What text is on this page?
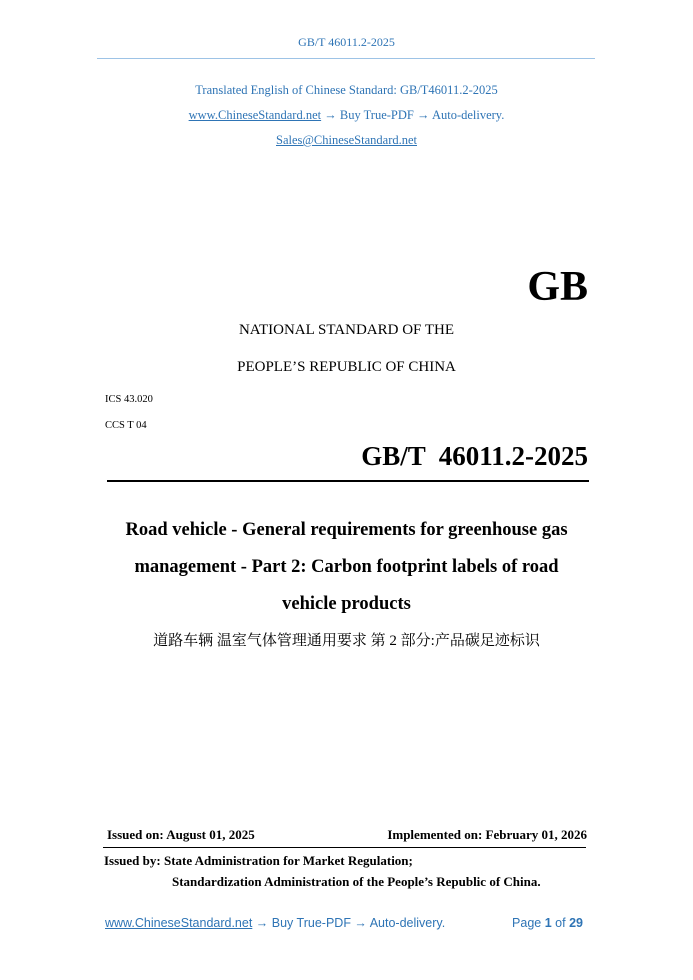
GB/T 46011.2-2025
Translated English of Chinese Standard: GB/T46011.2-2025
www.ChineseStandard.net → Buy True-PDF → Auto-delivery.
Sales@ChineseStandard.net
GB
NATIONAL STANDARD OF THE
PEOPLE’S REPUBLIC OF CHINA
ICS 43.020
CCS T 04
GB/T  46011.2-2025
Road vehicle - General requirements for greenhouse gas
management - Part 2: Carbon footprint labels of road
vehicle products
道路车辆 温室气体管理通用要求 第 2 部分:产品碳足迹标识
Issued on: August 01, 2025	Implemented on: February 01, 2026
Issued by: State Administration for Market Regulation;
Standardization Administration of the People’s Republic of China.
www.ChineseStandard.net → Buy True-PDF → Auto-delivery.	Page 1 of 29
